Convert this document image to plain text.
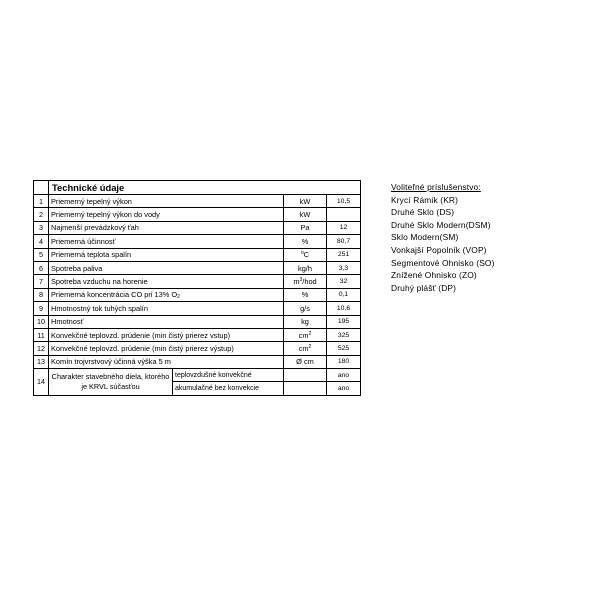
	Technické údaje			
1	Priemerný tepelný výkon		kW	10,5
2	Priemerný tepelný výkon do vody		kW	
3	Najmenší prevádzkový ťah		Pa	12
4	Priemerná účinnosť		%	80,7
5	Priemerná teplota spalín		$^o$C	251
6	Spotreba paliva		kg/h	3,3
7	Spotreba vzduchu na horenie		$m^3$/hod	32
8	Priemerná koncentrácia CO pri 13% $O_2$		%	0,1
9	Hmotnostný tok tuhých spalín		g/s	10,6
10	Hmotnosť		kg	195
11	Konvekčné teplovzd. prúdenie (min čistý prierez vstup)		$cm^2$	325
12	Konvekčné teplovzd. prúdenie (min čistý prierez výstup)		$cm^2$	525
13	Komín trojvrstvový účinná výška 5 m		Ø cm	180
14	Charakter stavebného diela, ktorého je KRVL súčasťou	teplovzdušné konvekčné		ano
		akumulačné bez konvekcie		ano
Voliteľné príslušenstvo:
Krycí Rámik (KR)
Druhé Sklo (DS)
Druhé Sklo Modern(DSM)
Sklo Modern(SM)
Vonkajší Popolník (VOP)
Segmentové Ohnisko (SO)
Znížené Ohnisko (ZO)
Druhý plášť (DP)
